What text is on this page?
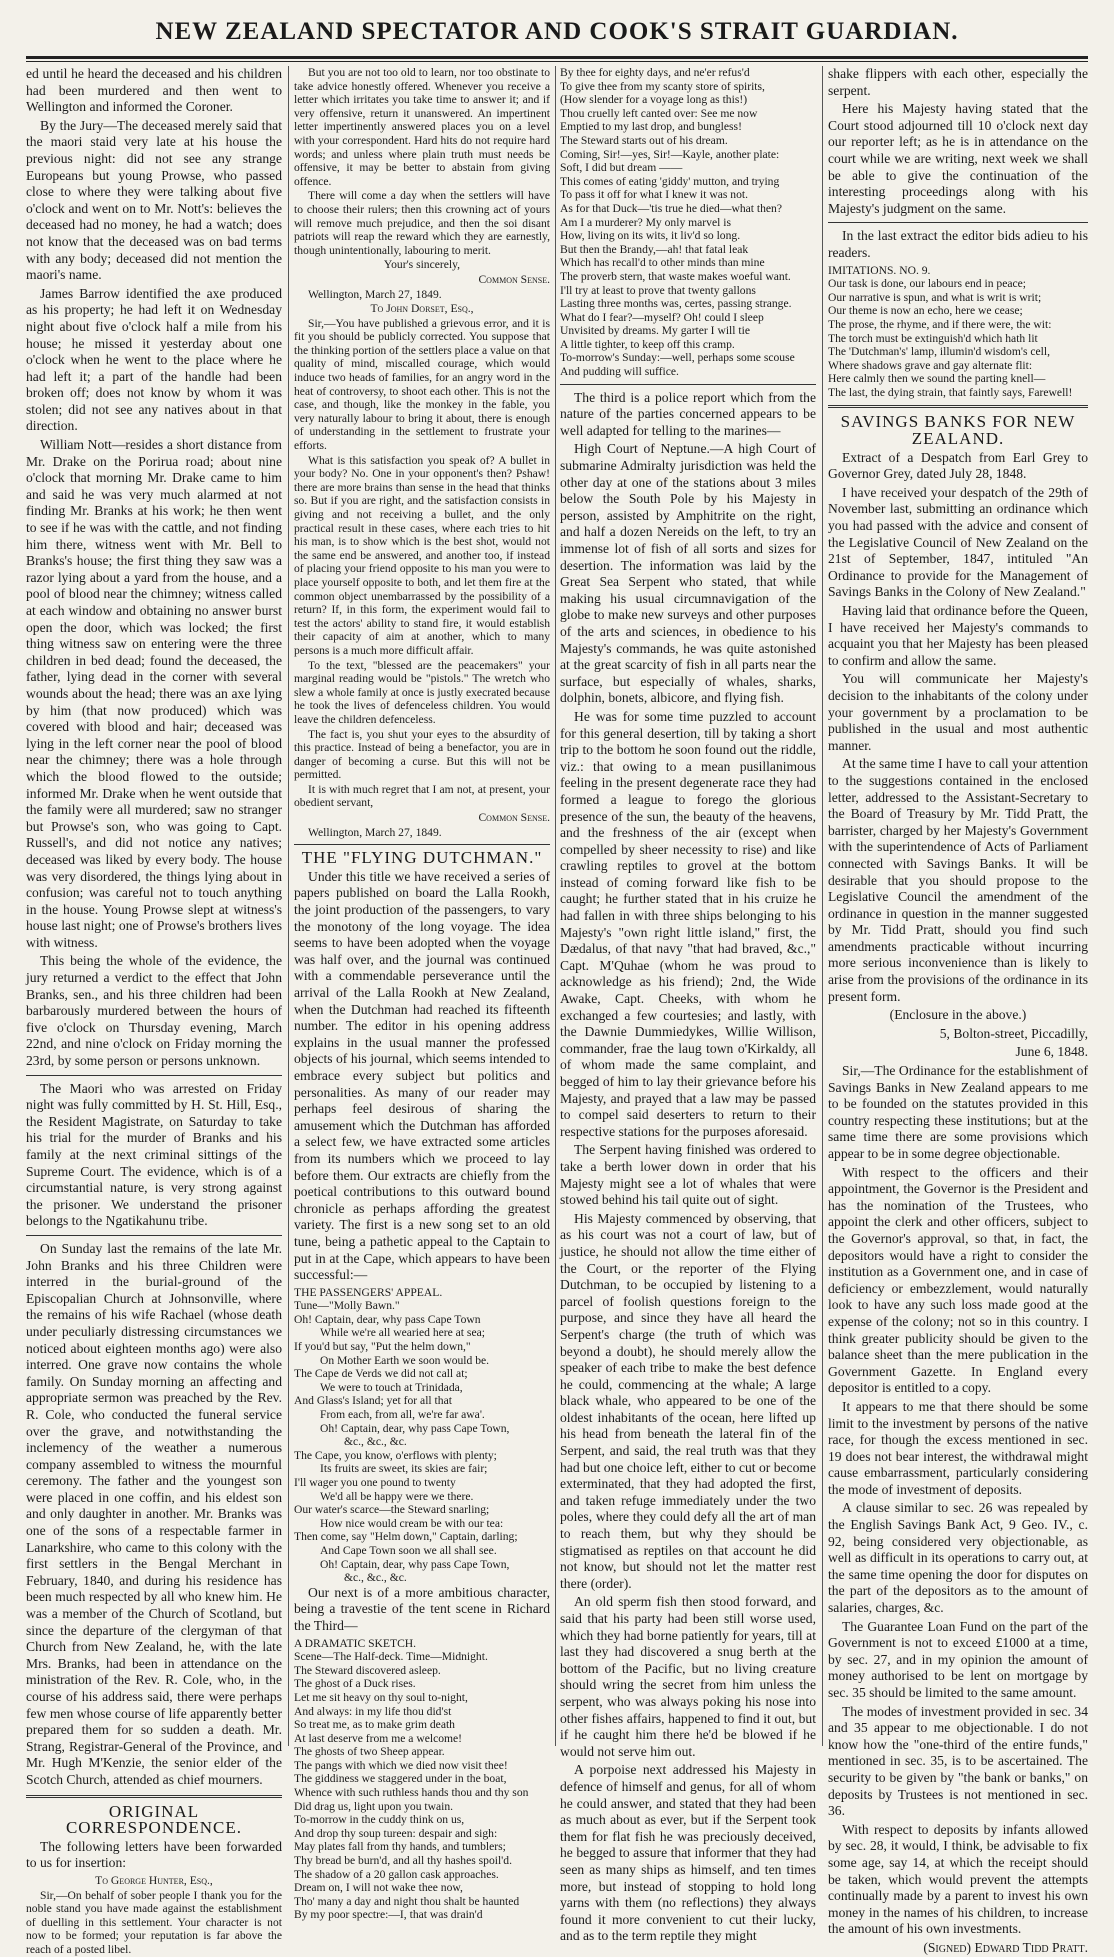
NEW ZEALAND SPECTATOR AND COOK'S STRAIT GUARDIAN.

ed until he heard the deceased and his children had been murdered and then went to Wellington and informed the Coroner.

By the Jury—The deceased merely said that the maori staid very late at his house the previous night: did not see any strange Europeans but young Prowse, who passed close to where they were talking about five o'clock and went on to Mr. Nott's: believes the deceased had no money, he had a watch; does not know that the deceased was on bad terms with any body; deceased did not mention the maori's name.

James Barrow identified the axe produced as his property; he had left it on Wednesday night about five o'clock half a mile from his house; he missed it yesterday about one o'clock when he went to the place where he had left it; a part of the handle had been broken off; does not know by whom it was stolen; did not see any natives about in that direction.

William Nott—resides a short distance from Mr. Drake on the Porirua road; about nine o'clock that morning Mr. Drake came to him and said he was very much alarmed at not finding Mr. Branks at his work; he then went to see if he was with the cattle, and not finding him there, witness went with Mr. Bell to Branks's house; the first thing they saw was a razor lying about a yard from the house, and a pool of blood near the chimney; witness called at each window and obtaining no answer burst open the door, which was locked; the first thing witness saw on entering were the three children in bed dead; found the deceased, the father, lying dead in the corner with several wounds about the head; there was an axe lying by him (that now produced) which was covered with blood and hair; deceased was lying in the left corner near the pool of blood near the chimney; there was a hole through which the blood flowed to the outside; informed Mr. Drake when he went outside that the family were all murdered; saw no stranger but Prowse's son, who was going to Capt. Russell's, and did not notice any natives; deceased was liked by every body. The house was very disordered, the things lying about in confusion; was careful not to touch anything in the house. Young Prowse slept at witness's house last night; one of Prowse's brothers lives with witness.

This being the whole of the evidence, the jury returned a verdict to the effect that John Branks, sen., and his three children had been barbarously murdered between the hours of five o'clock on Thursday evening, March 22nd, and nine o'clock on Friday morning the 23rd, by some person or persons unknown.

The Maori who was arrested on Friday night was fully committed by H. St. Hill, Esq., the Resident Magistrate, on Saturday to take his trial for the murder of Branks and his family at the next criminal sittings of the Supreme Court. The evidence, which is of a circumstantial nature, is very strong against the prisoner. We understand the prisoner belongs to the Ngatikahunu tribe.

On Sunday last the remains of the late Mr. John Branks and his three Children were interred in the burial-ground of the Episcopalian Church at Johnsonville, where the remains of his wife Rachael (whose death under peculiarly distressing circumstances we noticed about eighteen months ago) were also interred. One grave now contains the whole family. On Sunday morning an affecting and appropriate sermon was preached by the Rev. R. Cole, who conducted the funeral service over the grave, and notwithstanding the inclemency of the weather a numerous company assembled to witness the mournful ceremony. The father and the youngest son were placed in one coffin, and his eldest son and only daughter in another. Mr. Branks was one of the sons of a respectable farmer in Lanarkshire, who came to this colony with the first settlers in the Bengal Merchant in February, 1840, and during his residence has been much respected by all who knew him. He was a member of the Church of Scotland, but since the departure of the clergyman of that Church from New Zealand, he, with the late Mrs. Branks, had been in attendance on the ministration of the Rev. R. Cole, who, in the course of his address said, there were perhaps few men whose course of life apparently better prepared them for so sudden a death. Mr. Strang, Registrar-General of the Province, and Mr. Hugh M'Kenzie, the senior elder of the Scotch Church, attended as chief mourners.

ORIGINAL CORRESPONDENCE.

The following letters have been forwarded to us for insertion:

To George Hunter, Esq.,

Sir,—On behalf of sober people I thank you for the noble stand you have made against the establishment of duelling in this settlement. Your character is not now to be formed; your reputation is far above the reach of a posted libel.

But you are not too old to learn, nor too obstinate to take advice honestly offered. Whenever you receive a letter which irritates you take time to answer it; and if very offensive, return it unanswered. An impertinent letter impertinently answered places you on a level with your correspondent. Hard hits do not require hard words; and unless where plain truth must needs be offensive, it may be better to abstain from giving offence.

There will come a day when the settlers will have to choose their rulers; then this crowning act of yours will remove much prejudice, and then the soi disant patriots will reap the reward which they are earnestly, though unintentionally, labouring to merit.

Your's sincerely,

Common Sense.

Wellington, March 27, 1849.

To John Dorset, Esq.,

Sir,—You have published a grievous error, and it is fit you should be publicly corrected. You suppose that the thinking portion of the settlers place a value on that quality of mind, miscalled courage, which would induce two heads of families, for an angry word in the heat of controversy, to shoot each other. This is not the case, and though, like the monkey in the fable, you very naturally labour to bring it about, there is enough of understanding in the settlement to frustrate your efforts.

What is this satisfaction you speak of? A bullet in your body? No. One in your opponent's then? Pshaw! there are more brains than sense in the head that thinks so. But if you are right, and the satisfaction consists in giving and not receiving a bullet, and the only practical result in these cases, where each tries to hit his man, is to show which is the best shot, would not the same end be answered, and another too, if instead of placing your friend opposite to his man you were to place yourself opposite to both, and let them fire at the common object unembarrassed by the possibility of a return? If, in this form, the experiment would fail to test the actors' ability to stand fire, it would establish their capacity of aim at another, which to many persons is a much more difficult affair.

To the text, "blessed are the peacemakers" your marginal reading would be "pistols." The wretch who slew a whole family at once is justly execrated because he took the lives of defenceless children. You would leave the children defenceless.

The fact is, you shut your eyes to the absurdity of this practice. Instead of being a benefactor, you are in danger of becoming a curse. But this will not be permitted.

It is with much regret that I am not, at present, your obedient servant,

Common Sense.

Wellington, March 27, 1849.

THE "FLYING DUTCHMAN."

Under this title we have received a series of papers published on board the Lalla Rookh, the joint production of the passengers, to vary the monotony of the long voyage. The idea seems to have been adopted when the voyage was half over, and the journal was continued with a commendable perseverance until the arrival of the Lalla Rookh at New Zealand, when the Dutchman had reached its fifteenth number. The editor in his opening address explains in the usual manner the professed objects of his journal, which seems intended to embrace every subject but politics and personalities. As many of our reader may perhaps feel desirous of sharing the amusement which the Dutchman has afforded a select few, we have extracted some articles from its numbers which we proceed to lay before them. Our extracts are chiefly from the poetical contributions to this outward bound chronicle as perhaps affording the greatest variety. The first is a new song set to an old tune, being a pathetic appeal to the Captain to put in at the Cape, which appears to have been successful:—

THE PASSENGERS' APPEAL.

Tune—"Molly Bawn."

Oh! Captain, dear, why pass Cape Town

While we're all wearied here at sea;

If you'd but say, "Put the helm down,"

On Mother Earth we soon would be.

The Cape de Verds we did not call at;

We were to touch at Trinidada,

And Glass's Island; yet for all that

From each, from all, we're far awa'.

Oh! Captain, dear, why pass Cape Town,

&c., &c., &c.

The Cape, you know, o'erflows with plenty;

Its fruits are sweet, its skies are fair;

I'll wager you one pound to twenty

We'd all be happy were we there.

Our water's scarce—the Steward snarling;

How nice would cream be with our tea:

Then come, say "Helm down," Captain, darling;

And Cape Town soon we all shall see.

Oh! Captain, dear, why pass Cape Town,

&c., &c., &c.

Our next is of a more ambitious character, being a travestie of the tent scene in Richard the Third—

A DRAMATIC SKETCH.

Scene—The Half-deck. Time—Midnight.

The Steward discovered asleep.

The ghost of a Duck rises.

Let me sit heavy on thy soul to-night,

And always: in my life thou did'st

So treat me, as to make grim death

At last deserve from me a welcome!

The ghosts of two Sheep appear.

The pangs with which we died now visit thee!

The giddiness we staggered under in the boat,

Whence with such ruthless hands thou and thy son

Did drag us, light upon you twain.

To-morrow in the cuddy think on us,

And drop thy soup tureen: despair and sigh:

May plates fall from thy hands, and tumblers;

Thy bread be burn'd, and all thy hashes spoil'd.

The shadow of a 20 gallon cask approaches.

Dream on, I will not wake thee now,

Tho' many a day and night thou shalt be haunted

By my poor spectre:—I, that was drain'd

By thee for eighty days, and ne'er refus'd

To give thee from my scanty store of spirits,

(How slender for a voyage long as this!)

Thou cruelly left canted over: See me now

Emptied to my last drop, and bungless!

The Steward starts out of his dream.

Coming, Sir!—yes, Sir!—Kayle, another plate:

Soft, I did but dream ——

This comes of eating 'giddy' mutton, and trying

To pass it off for what I knew it was not.

As for that Duck—'tis true he died—what then?

Am I a murderer? My only marvel is

How, living on its wits, it liv'd so long.

But then the Brandy,—ah! that fatal leak

Which has recall'd to other minds than mine

The proverb stern, that waste makes woeful want.

I'll try at least to prove that twenty gallons

Lasting three months was, certes, passing strange.

What do I fear?—myself? Oh! could I sleep

Unvisited by dreams. My garter I will tie

A little tighter, to keep off this cramp.

To-morrow's Sunday:—well, perhaps some scouse

And pudding will suffice.

The third is a police report which from the nature of the parties concerned appears to be well adapted for telling to the marines—

High Court of Neptune.—A high Court of submarine Admiralty jurisdiction was held the other day at one of the stations about 3 miles below the South Pole by his Majesty in person, assisted by Amphitrite on the right, and half a dozen Nereids on the left, to try an immense lot of fish of all sorts and sizes for desertion. The information was laid by the Great Sea Serpent who stated, that while making his usual circumnavigation of the globe to make new surveys and other purposes of the arts and sciences, in obedience to his Majesty's commands, he was quite astonished at the great scarcity of fish in all parts near the surface, but especially of whales, sharks, dolphin, bonets, albicore, and flying fish.

He was for some time puzzled to account for this general desertion, till by taking a short trip to the bottom he soon found out the riddle, viz.: that owing to a mean pusillanimous feeling in the present degenerate race they had formed a league to forego the glorious presence of the sun, the beauty of the heavens, and the freshness of the air (except when compelled by sheer necessity to rise) and like crawling reptiles to grovel at the bottom instead of coming forward like fish to be caught; he further stated that in his cruize he had fallen in with three ships belonging to his Majesty's "own right little island," first, the Dædalus, of that navy "that had braved, &c.," Capt. M'Quhae (whom he was proud to acknowledge as his friend); 2nd, the Wide Awake, Capt. Cheeks, with whom he exchanged a few courtesies; and lastly, with the Dawnie Dummiedykes, Willie Willison, commander, frae the laug town o'Kirkaldy, all of whom made the same complaint, and begged of him to lay their grievance before his Majesty, and prayed that a law may be passed to compel said deserters to return to their respective stations for the purposes aforesaid.

The Serpent having finished was ordered to take a berth lower down in order that his Majesty might see a lot of whales that were stowed behind his tail quite out of sight.

His Majesty commenced by observing, that as his court was not a court of law, but of justice, he should not allow the time either of the Court, or the reporter of the Flying Dutchman, to be occupied by listening to a parcel of foolish questions foreign to the purpose, and since they have all heard the Serpent's charge (the truth of which was beyond a doubt), he should merely allow the speaker of each tribe to make the best defence he could, commencing at the whale; A large black whale, who appeared to be one of the oldest inhabitants of the ocean, here lifted up his head from beneath the lateral fin of the Serpent, and said, the real truth was that they had but one choice left, either to cut or become exterminated, that they had adopted the first, and taken refuge immediately under the two poles, where they could defy all the art of man to reach them, but why they should be stigmatised as reptiles on that account he did not know, but should not let the matter rest there (order).

An old sperm fish then stood forward, and said that his party had been still worse used, which they had borne patiently for years, till at last they had discovered a snug berth at the bottom of the Pacific, but no living creature should wring the secret from him unless the serpent, who was always poking his nose into other fishes affairs, happened to find it out, but if he caught him there he'd be blowed if he would not serve him out.

A porpoise next addressed his Majesty in defence of himself and genus, for all of whom he could answer, and stated that they had been as much about as ever, but if the Serpent took them for flat fish he was preciously deceived, he begged to assure that informer that they had seen as many ships as himself, and ten times more, but instead of stopping to hold long yarns with them (no reflections) they always found it more convenient to cut their lucky, and as to the term reptile they might

shake flippers with each other, especially the serpent.

Here his Majesty having stated that the Court stood adjourned till 10 o'clock next day our reporter left; as he is in attendance on the court while we are writing, next week we shall be able to give the continuation of the interesting proceedings along with his Majesty's judgment on the same.

In the last extract the editor bids adieu to his readers.

IMITATIONS. NO. 9.

Our task is done, our labours end in peace;

Our narrative is spun, and what is writ is writ;

Our theme is now an echo, here we cease;

The prose, the rhyme, and if there were, the wit:

The torch must be extinguish'd which hath lit

The 'Dutchman's' lamp, illumin'd wisdom's cell,

Where shadows grave and gay alternate flit:

Here calmly then we sound the parting knell—

The last, the dying strain, that faintly says, Farewell!

SAVINGS BANKS FOR NEW ZEALAND.

Extract of a Despatch from Earl Grey to Governor Grey, dated July 28, 1848.

I have received your despatch of the 29th of November last, submitting an ordinance which you had passed with the advice and consent of the Legislative Council of New Zealand on the 21st of September, 1847, intituled "An Ordinance to provide for the Management of Savings Banks in the Colony of New Zealand."

Having laid that ordinance before the Queen, I have received her Majesty's commands to acquaint you that her Majesty has been pleased to confirm and allow the same.

You will communicate her Majesty's decision to the inhabitants of the colony under your government by a proclamation to be published in the usual and most authentic manner.

At the same time I have to call your attention to the suggestions contained in the enclosed letter, addressed to the Assistant-Secretary to the Board of Treasury by Mr. Tidd Pratt, the barrister, charged by her Majesty's Government with the superintendence of Acts of Parliament connected with Savings Banks. It will be desirable that you should propose to the Legislative Council the amendment of the ordinance in question in the manner suggested by Mr. Tidd Pratt, should you find such amendments practicable without incurring more serious inconvenience than is likely to arise from the provisions of the ordinance in its present form.

(Enclosure in the above.)

5, Bolton-street, Piccadilly,

June 6, 1848.

Sir,—The Ordinance for the establishment of Savings Banks in New Zealand appears to me to be founded on the statutes provided in this country respecting these institutions; but at the same time there are some provisions which appear to be in some degree objectionable.

With respect to the officers and their appointment, the Governor is the President and has the nomination of the Trustees, who appoint the clerk and other officers, subject to the Governor's approval, so that, in fact, the depositors would have a right to consider the institution as a Government one, and in case of deficiency or embezzlement, would naturally look to have any such loss made good at the expense of the colony; not so in this country. I think greater publicity should be given to the balance sheet than the mere publication in the Government Gazette. In England every depositor is entitled to a copy.

It appears to me that there should be some limit to the investment by persons of the native race, for though the excess mentioned in sec. 19 does not bear interest, the withdrawal might cause embarrassment, particularly considering the mode of investment of deposits.

A clause similar to sec. 26 was repealed by the English Savings Bank Act, 9 Geo. IV., c. 92, being considered very objectionable, as well as difficult in its operations to carry out, at the same time opening the door for disputes on the part of the depositors as to the amount of salaries, charges, &c.

The Guarantee Loan Fund on the part of the Government is not to exceed £1000 at a time, by sec. 27, and in my opinion the amount of money authorised to be lent on mortgage by sec. 35 should be limited to the same amount.

The modes of investment provided in sec. 34 and 35 appear to me objectionable. I do not know how the "one-third of the entire funds," mentioned in sec. 35, is to be ascertained. The security to be given by "the bank or banks," on deposits by Trustees is not mentioned in sec. 36.

With respect to deposits by infants allowed by sec. 28, it would, I think, be advisable to fix some age, say 14, at which the receipt should be taken, which would prevent the attempts continually made by a parent to invest his own money in the names of his children, to increase the amount of his own investments.

(Signed) Edward Tidd Pratt.
